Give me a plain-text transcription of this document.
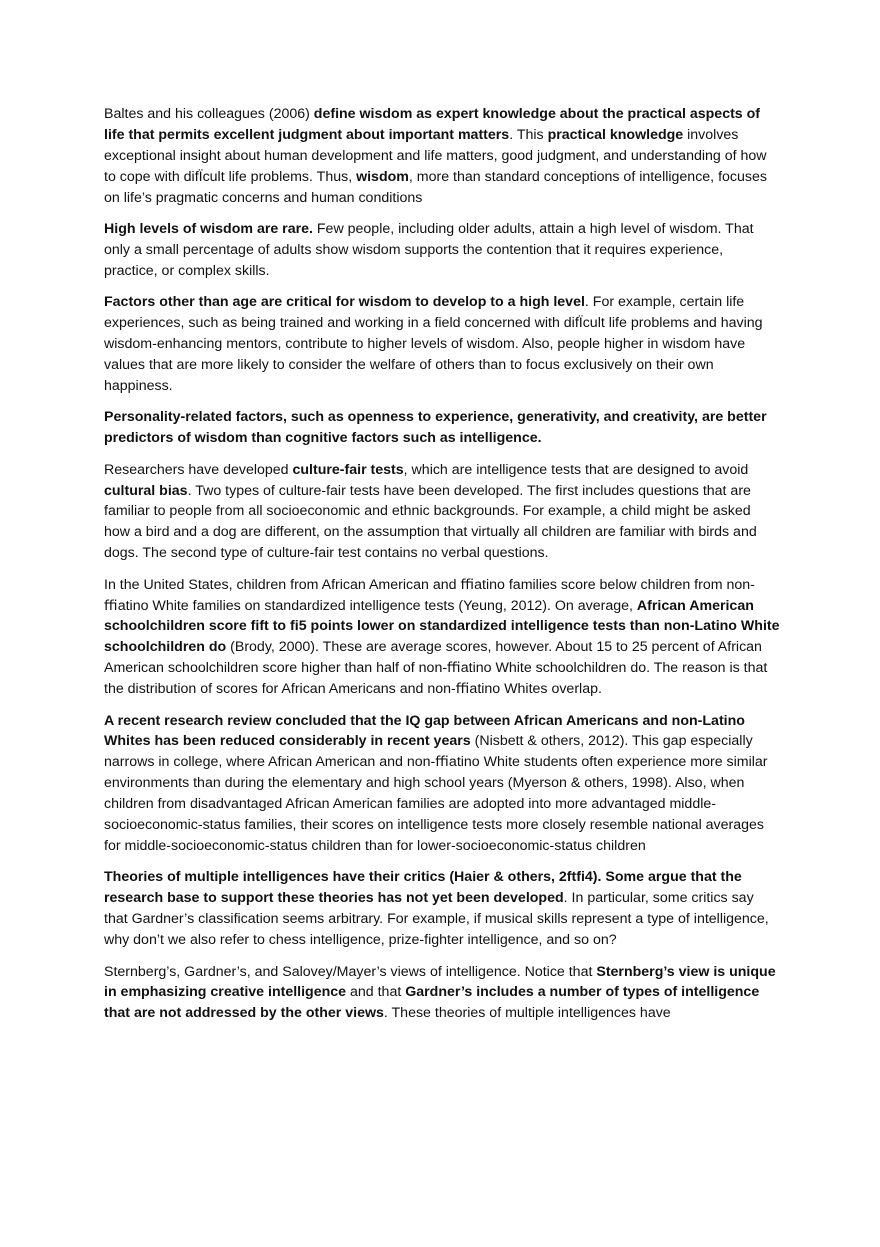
Baltes and his colleagues (2006) define wisdom as expert knowledge about the practical aspects of life that permits excellent judgment about important matters. This practical knowledge involves exceptional insight about human development and life matters, good judgment, and understanding of how to cope with difÏcult life problems. Thus, wisdom, more than standard conceptions of intelligence, focuses on life’s pragmatic concerns and human conditions

High levels of wisdom are rare. Few people, including older adults, attain a high level of wisdom. That only a small percentage of adults show wisdom supports the contention that it requires experience, practice, or complex skills.

Factors other than age are critical for wisdom to develop to a high level. For example, certain life experiences, such as being trained and working in a field concerned with difÏcult life problems and having wisdom-enhancing mentors, contribute to higher levels of wisdom. Also, people higher in wisdom have values that are more likely to consider the welfare of others than to focus exclusively on their own happiness.

Personality-related factors, such as openness to experience, generativity, and creativity, are better predictors of wisdom than cognitive factors such as intelligence.

Researchers have developed culture-fair tests, which are intelligence tests that are designed to avoid cultural bias. Two types of culture-fair tests have been developed. The first includes questions that are familiar to people from all socioeconomic and ethnic backgrounds. For example, a child might be asked how a bird and a dog are different, on the assumption that virtually all children are familiar with birds and dogs. The second type of culture-fair test contains no verbal questions.

In the United States, children from African American and ﬃatino families score below children from non-ﬃatino White families on standardized intelligence tests (Yeung, 2012). On average, African American schoolchildren score fift to fi5 points lower on standardized intelligence tests than non-Latino White schoolchildren do (Brody, 2000). These are average scores, however. About 15 to 25 percent of African American schoolchildren score higher than half of non-ﬃatino White schoolchildren do. The reason is that the distribution of scores for African Americans and non-ﬃatino Whites overlap.

A recent research review concluded that the IQ gap between African Americans and non-Latino Whites has been reduced considerably in recent years (Nisbett & others, 2012). This gap especially narrows in college, where African American and non-ﬃatino White students often experience more similar environments than during the elementary and high school years (Myerson & others, 1998). Also, when children from disadvantaged African American families are adopted into more advantaged middle-socioeconomic-status families, their scores on intelligence tests more closely resemble national averages for middle-socioeconomic-status children than for lower-socioeconomic-status children

Theories of multiple intelligences have their critics (Haier & others, 2ftfi4). Some argue that the research base to support these theories has not yet been developed. In particular, some critics say that Gardner’s classification seems arbitrary. For example, if musical skills represent a type of intelligence, why don’t we also refer to chess intelligence, prize-fighter intelligence, and so on?

Sternberg’s, Gardner’s, and Salovey/Mayer’s views of intelligence. Notice that Sternberg’s view is unique in emphasizing creative intelligence and that Gardner’s includes a number of types of intelligence that are not addressed by the other views. These theories of multiple intelligences have
